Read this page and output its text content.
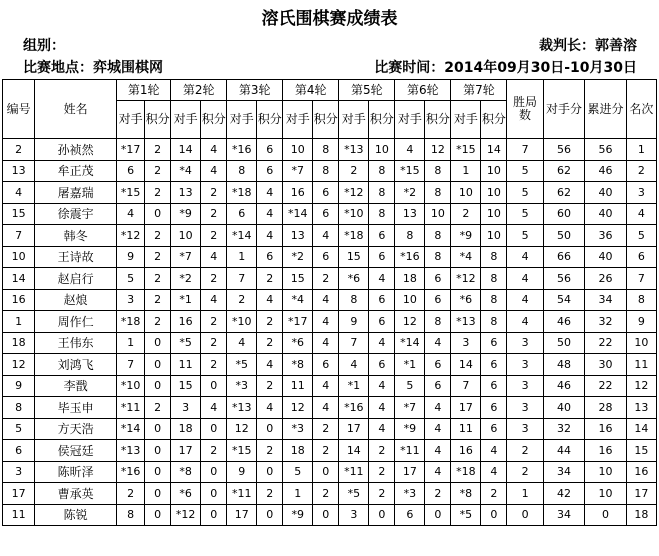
溶氏围棋赛成绩表
组别：	裁判长：郭善溶
比赛地点：弈城围棋网	比赛时间：2014年09月30日-10月30日
编号	姓名	第1轮		第2轮		第3轮		第4轮		第5轮		第6轮		第7轮		胜局数	对手分	累进分	名次
		对手	积分	对手	积分	对手	积分	对手	积分	对手	积分	对手	积分	对手	积分				
2	孙祯然	*17	2	14	4	*16	6	10	8	*13	10	4	12	*15	14	7	56	56	1
13	牟正茂	6	2	*4	4	8	6	*7	8	2	8	*15	8	1	10	5	62	46	2
4	屠嘉瑞	*15	2	13	2	*18	4	16	6	*12	8	*2	8	10	10	5	62	40	3
15	徐震宇	4	0	*9	2	6	4	*14	6	*10	8	13	10	2	10	5	60	40	4
7	韩冬	*12	2	10	2	*14	4	13	4	*18	6	8	8	*9	10	5	50	36	5
10	王诗故	9	2	*7	4	1	6	*2	6	15	6	*16	8	*4	8	4	66	40	6
14	赵启行	5	2	*2	2	7	2	15	2	*6	4	18	6	*12	8	4	56	26	7
16	赵烺	3	2	*1	4	2	4	*4	4	8	6	10	6	*6	8	4	54	34	8
1	周作仁	*18	2	16	2	*10	2	*17	4	9	6	12	8	*13	8	4	46	32	9
18	王伟东	1	0	*5	2	4	2	*6	4	7	4	*14	4	3	6	3	50	22	10
12	刘鸿飞	7	0	11	2	*5	4	*8	6	4	6	*1	6	14	6	3	48	30	11
9	李戬	*10	0	15	0	*3	2	11	4	*1	4	5	6	7	6	3	46	22	12
8	毕玉申	*11	2	3	4	*13	4	12	4	*16	4	*7	4	17	6	3	40	28	13
5	方天浩	*14	0	18	0	12	0	*3	2	17	4	*9	4	11	6	3	32	16	14
6	侯冠廷	*13	0	17	2	*15	2	18	2	14	2	*11	4	16	4	2	44	16	15
3	陈昕泽	*16	0	*8	0	9	0	5	0	*11	2	17	4	*18	4	2	34	10	16
17	曹承英	2	0	*6	0	*11	2	1	2	*5	2	*3	2	*8	2	1	42	10	17
11	陈锐	8	0	*12	0	17	0	*9	0	3	0	6	0	*5	0	0	34	0	18
